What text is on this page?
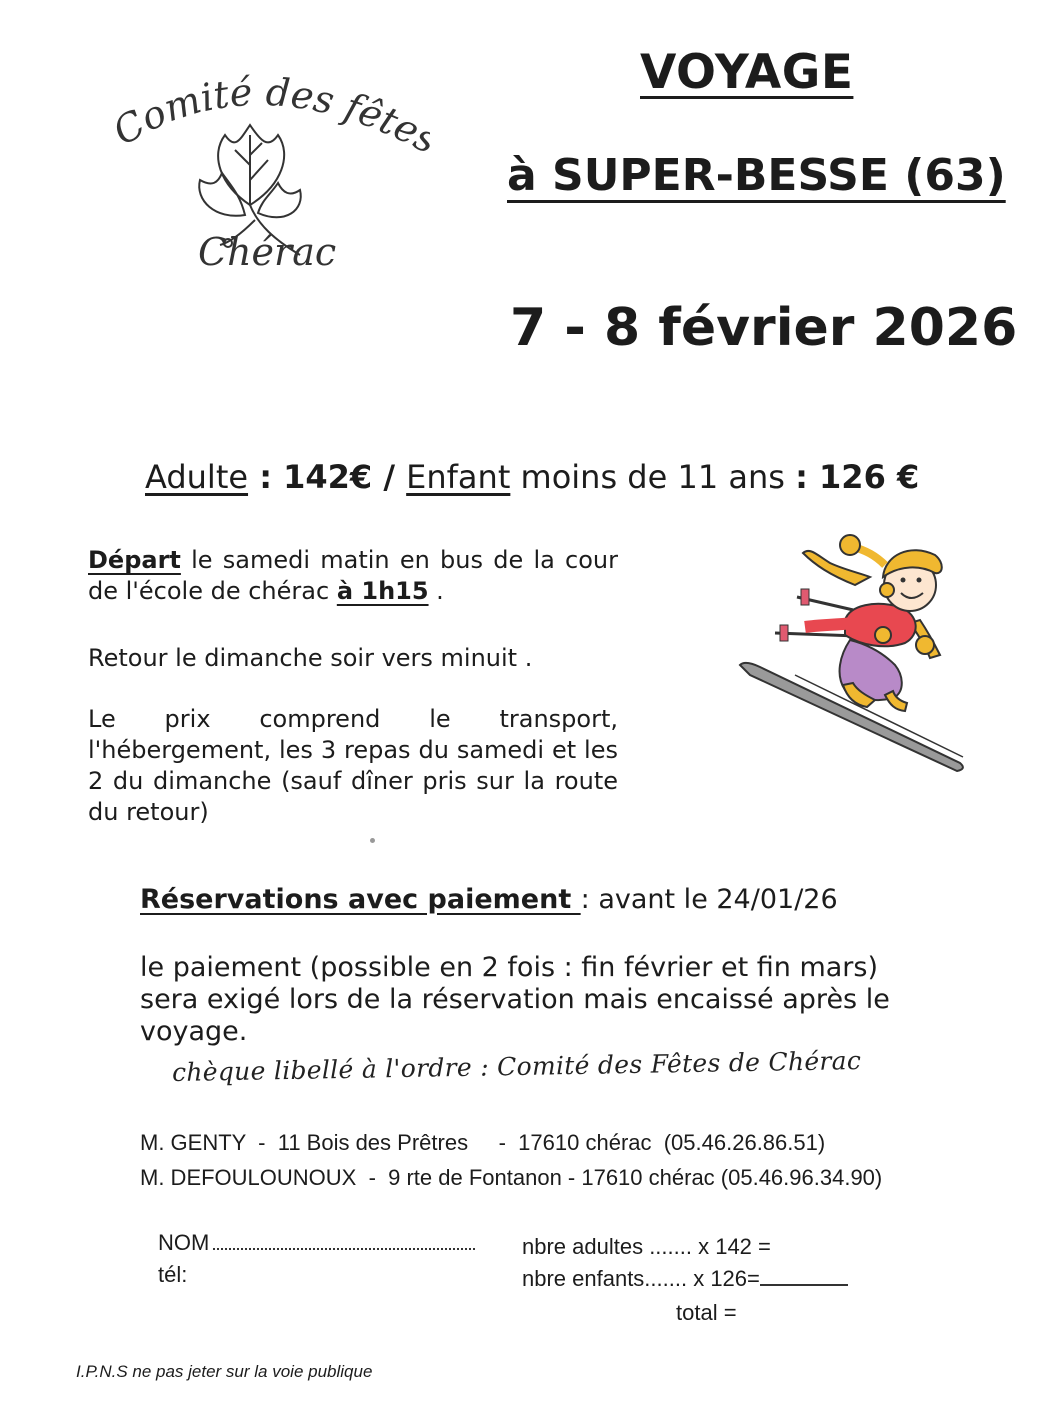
Comité des fête
Chérac
VOYAGE
à SUPER-BESSE (63)
7 - 8 février 2026
Adulte : 142€ / Enfant moins de 11 ans : 126 €
Départ le samedi matin en bus de la cour de l'école de chérac à 1h15 .
Retour le dimanche soir vers minuit .
Le prix comprend le transport, l'hébergement, les 3 repas du samedi et les 2 du dimanche (sauf dîner pris sur la route du retour)
Réservations avec paiement : avant le 24/01/26
le paiement (possible en 2 fois : fin février et fin mars) sera exigé lors de la réservation mais encaissé après le voyage.
chèque libellé à l'ordre : Comité des Fêtes de Chérac
M. GENTY  -  11 Bois des Prêtres     -  17610 chérac  (05.46.26.86.51)
M. DEFOULOUNOUX  -  9 rte de Fontanon - 17610 chérac (05.46.96.34.90)
NOM
tél:
nbre adultes ....... x 142 =
nbre enfants....... x 126=
total =
I.P.N.S ne pas jeter sur la voie publique
